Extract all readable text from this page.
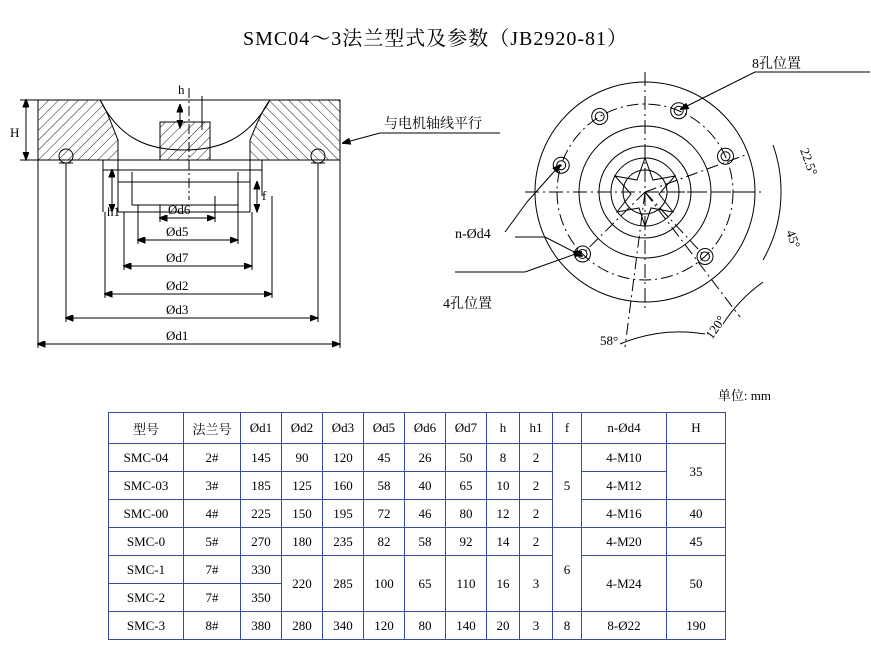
SMC04～3法兰型式及参数（JB2920-81）
H
h
h1
f
Ød6
Ød5
Ød7
Ød2
Ød3
Ød1
与电机轴线平行
8孔位置
n-Ød4
4孔位置
22.5°
45°
58°	120°
单位: mm
型号	法兰号	Ød1	Ød2	Ød3	Ød5	Ød6	Ød7	h	h1	f	n-Ød4	H
SMC-04	2#	145	90	120	45	26	50	8	2	5	4-M10	35
SMC-03	3#	185	125	160	58	40	65	10	2		4-M12	
SMC-00	4#	225	150	195	72	46	80	12	2		4-M16	40
SMC-0	5#	270	180	235	82	58	92	14	2	6	4-M20	45
SMC-1	7#	330	220	285	100	65	110	16	3		4-M24	50
SMC-2	7#	350										
SMC-3	8#	380	280	340	120	80	140	20	3	8	8-Ø22	190
